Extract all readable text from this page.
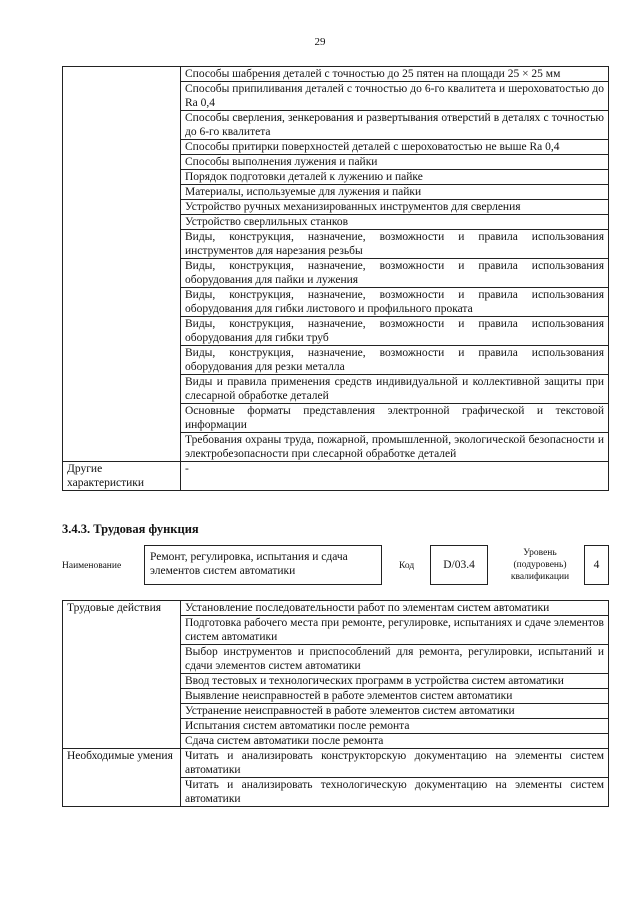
29
	Способы шабрения деталей с точностью до 25 пятен на площади 25 × 25 мм
	Способы припиливания деталей с точностью до 6-го квалитета и шероховатостью до Ra 0,4
	Способы сверления, зенкерования и развертывания отверстий в деталях с точностью до 6-го квалитета
	Способы притирки поверхностей деталей с шероховатостью не выше Ra 0,4
	Способы выполнения лужения и пайки
	Порядок подготовки деталей к лужению и пайке
	Материалы, используемые для лужения и пайки
	Устройство ручных механизированных инструментов для сверления
	Устройство сверлильных станков
	Виды, конструкция, назначение, возможности и правила использования инструментов для нарезания резьбы
	Виды, конструкция, назначение, возможности и правила использования оборудования для пайки и лужения
	Виды, конструкция, назначение, возможности и правила использования оборудования для гибки листового и профильного проката
	Виды, конструкция, назначение, возможности и правила использования оборудования для гибки труб
	Виды, конструкция, назначение, возможности и правила использования оборудования для резки металла
	Виды и правила применения средств индивидуальной и коллективной защиты при слесарной обработке деталей
	Основные форматы представления электронной графической и текстовой информации
	Требования охраны труда, пожарной, промышленной, экологической безопасности и электробезопасности при слесарной обработке деталей
Другие характеристики	-
3.4.3. Трудовая функция
Наименование
Ремонт, регулировка, испытания и сдача элементов систем автоматики	Код	D/03.4
Уровень (подуровень) квалификации
4
Трудовые действия	Установление последовательности работ по элементам систем автоматики
	Подготовка рабочего места при ремонте, регулировке, испытаниях и сдаче элементов систем автоматики
	Выбор инструментов и приспособлений для ремонта, регулировки, испытаний и сдачи элементов систем автоматики
	Ввод тестовых и технологических программ в устройства систем автоматики
	Выявление неисправностей в работе элементов систем автоматики
	Устранение неисправностей в работе элементов систем автоматики
	Испытания систем автоматики после ремонта
	Сдача систем автоматики после ремонта
Необходимые умения	Читать и анализировать конструкторскую документацию на элементы систем автоматики
	Читать и анализировать технологическую документацию на элементы систем автоматики
